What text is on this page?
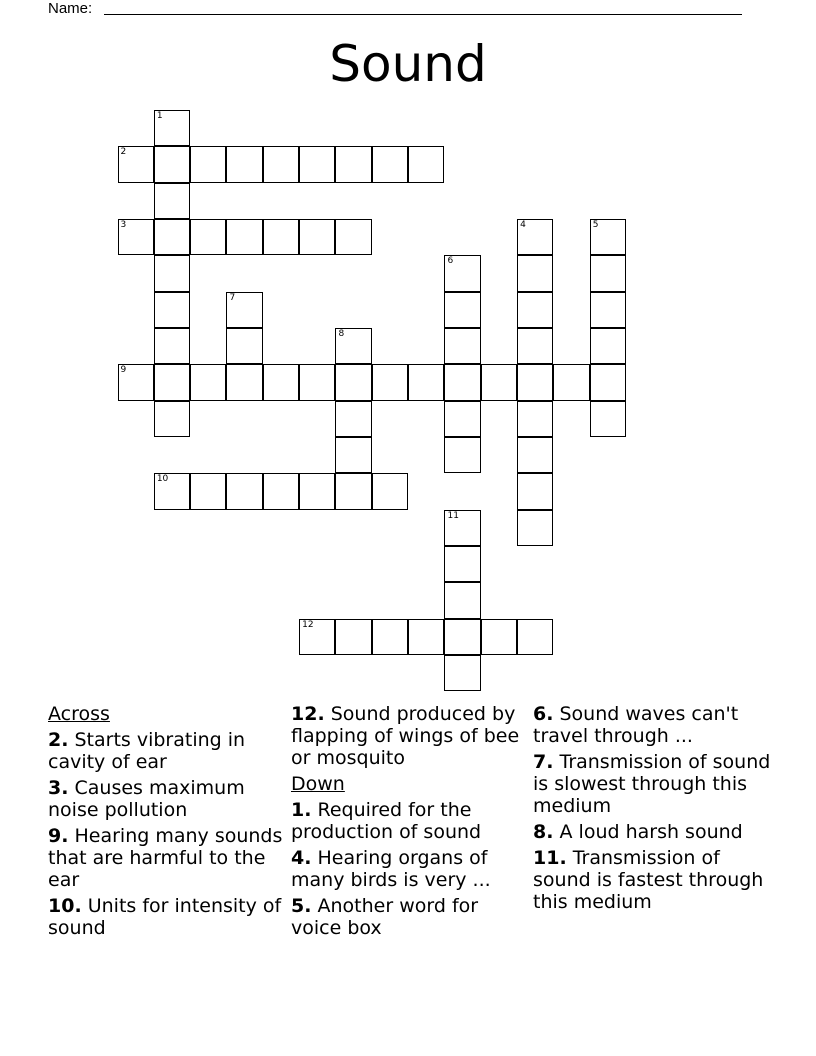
Name:
Sound
1
2
3	4	5
6
7
8
9
10
11
12
Across
2. Starts vibrating in cavity of ear
3. Causes maximum noise pollution
9. Hearing many sounds that are harmful to the ear
10. Units for intensity of sound
12. Sound produced by flapping of wings of bee or mosquito
Down
1. Required for the production of sound
4. Hearing organs of many birds is very ...
5. Another word for voice box
6. Sound waves can't travel through ...
7. Transmission of sound is slowest through this medium
8. A loud harsh sound
11. Transmission of sound is fastest through this medium
